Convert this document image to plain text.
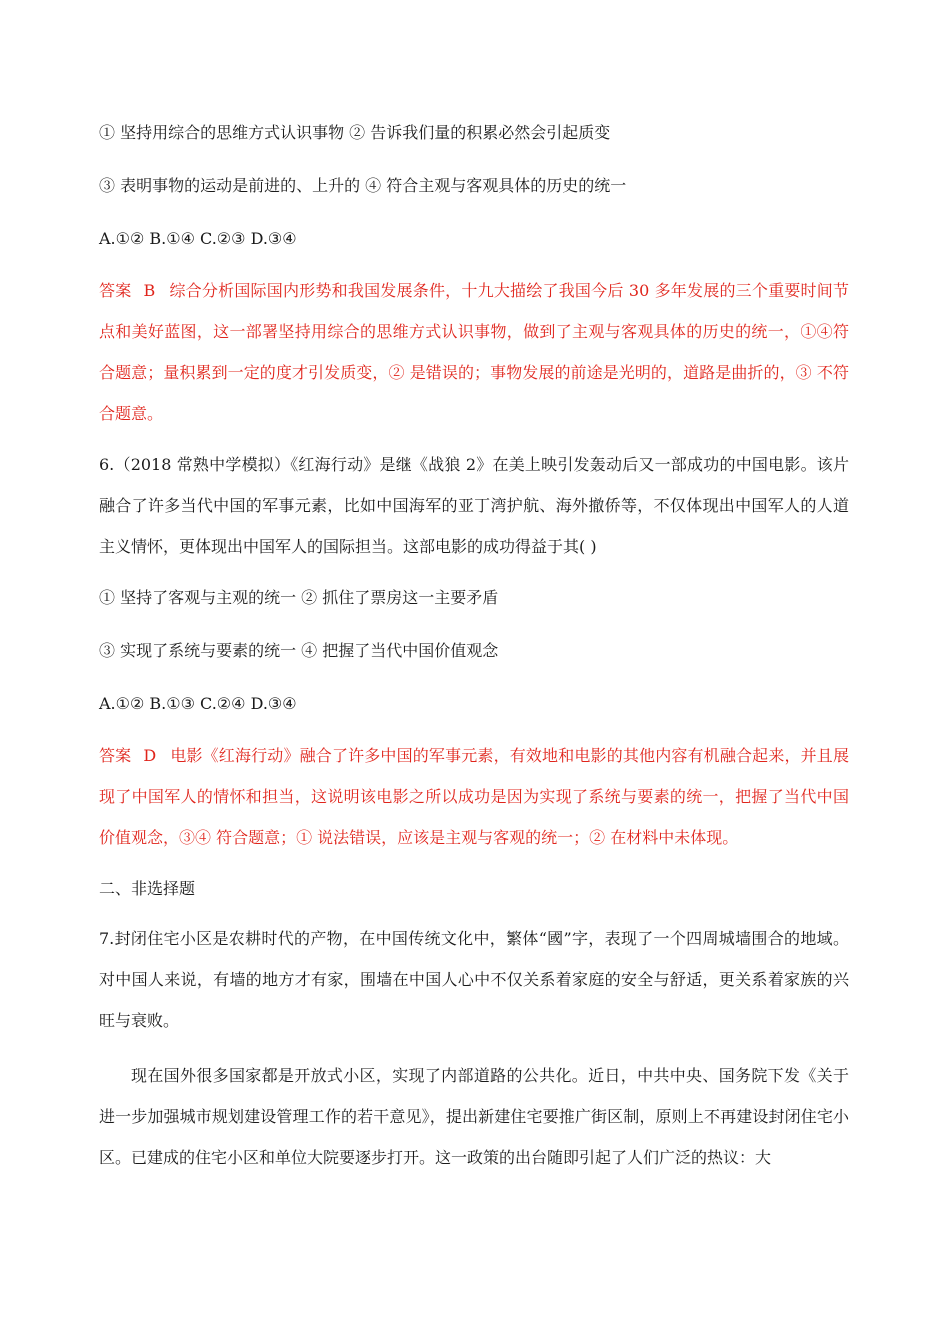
① 坚持用综合的思维方式认识事物 ② 告诉我们量的积累必然会引起质变
③ 表明事物的运动是前进的、上升的 ④ 符合主观与客观具体的历史的统一
A.①② B.①④ C.②③ D.③④
答案 B 综合分析国际国内形势和我国发展条件，十九大描绘了我国今后 30 多年发展的三个重要时间节点和美好蓝图，这一部署坚持用综合的思维方式认识事物，做到了主观与客观具体的历史的统一，①④符合题意；量积累到一定的度才引发质变，② 是错误的；事物发展的前途是光明的，道路是曲折的，③ 不符合题意。
6.（2018 常熟中学模拟）《红海行动》是继《战狼 2》在美上映引发轰动后又一部成功的中国电影。该片融合了许多当代中国的军事元素，比如中国海军的亚丁湾护航、海外撤侨等，不仅体现出中国军人的人道主义情怀，更体现出中国军人的国际担当。这部电影的成功得益于其( )
① 坚持了客观与主观的统一 ② 抓住了票房这一主要矛盾
③ 实现了系统与要素的统一 ④ 把握了当代中国价值观念
A.①② B.①③ C.②④ D.③④
答案 D 电影《红海行动》融合了许多中国的军事元素，有效地和电影的其他内容有机融合起来，并且展现了中国军人的情怀和担当，这说明该电影之所以成功是因为实现了系统与要素的统一，把握了当代中国价值观念，③④ 符合题意；① 说法错误，应该是主观与客观的统一；② 在材料中未体现。
二、非选择题
7.封闭住宅小区是农耕时代的产物，在中国传统文化中，繁体“國”字，表现了一个四周城墙围合的地域。对中国人来说，有墙的地方才有家，围墙在中国人心中不仅关系着家庭的安全与舒适，更关系着家族的兴旺与衰败。
现在国外很多国家都是开放式小区，实现了内部道路的公共化。近日，中共中央、国务院下发《关于进一步加强城市规划建设管理工作的若干意见》，提出新建住宅要推广街区制，原则上不再建设封闭住宅小区。已建成的住宅小区和单位大院要逐步打开。这一政策的出台随即引起了人们广泛的热议：大
